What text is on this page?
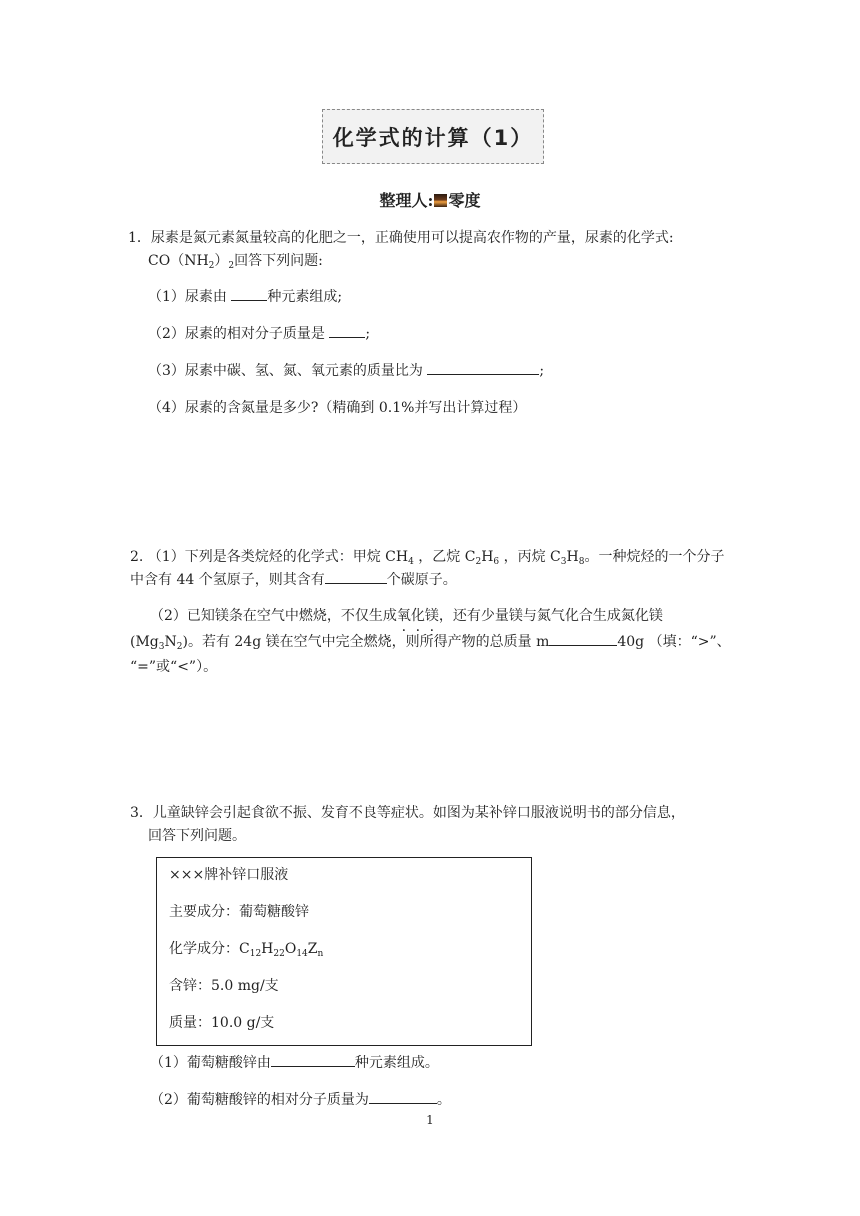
化学式的计算（1）
整理人: 零度
1．尿素是氮元素氮量较高的化肥之一，正确使用可以提高农作物的产量，尿素的化学式:
$CO(NH_2)_2$回答下列问题:
（1）尿素由	种元素组成;
（2）尿素的相对分子质量是	;
（3）尿素中碳、氢、氮、氧元素的质量比为	;
（4）尿素的含氮量是多少?（精确到 0.1%并写出计算过程）
2. （1）下列是各类烷烃的化学式：甲烷 $CH_4$ ，乙烷 $C_2H_6$ ，丙烷 $C_3H_8$。一种烷烃的一个分子
中含有 44 个氢原子，则其含有	个碳原子。
（2）已知镁条在空气中燃烧，不仅生成氧化镁，还有少量镁与氮气化合生成氮化镁
$(Mg_3N_2)$。若有 24g 镁在空气中完全燃烧，则所得产物的总质量 m	40g （填：“>”、
“=”或“<”）。
3．儿童缺锌会引起食欲不振、发育不良等症状。如图为某补锌口服液说明书的部分信息，
回答下列问题。
×××牌补锌口服液
主要成分：葡萄糖酸锌
化学成分：$C_{12}H_{22}O_{14}Z_n$
含锌：5.0 mg/支
质量：10.0 g/支
（1）葡萄糖酸锌由	种元素组成。
（2）葡萄糖酸锌的相对分子质量为	。
1
